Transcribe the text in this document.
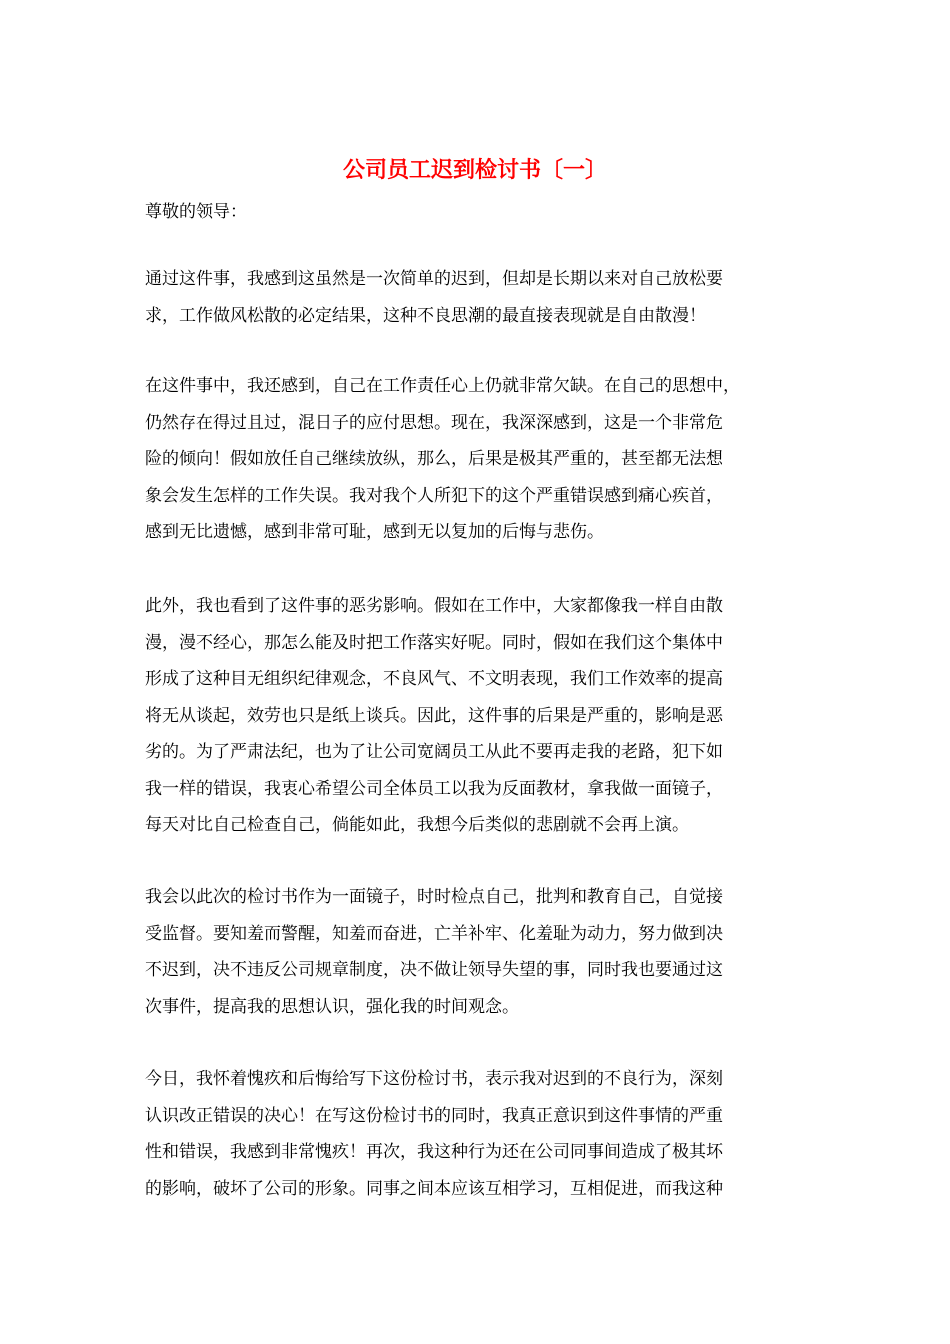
公司员工迟到检讨书〔一〕
尊敬的领导：
通过这件事，我感到这虽然是一次简单的迟到，但却是长期以来对自己放松要
求，工作做风松散的必定结果，这种不良思潮的最直接表现就是自由散漫！
在这件事中，我还感到，自己在工作责任心上仍就非常欠缺。在自己的思想中，
仍然存在得过且过，混日子的应付思想。现在，我深深感到，这是一个非常危
险的倾向！假如放任自己继续放纵，那么，后果是极其严重的，甚至都无法想
象会发生怎样的工作失误。我对我个人所犯下的这个严重错误感到痛心疾首，
感到无比遗憾，感到非常可耻，感到无以复加的后悔与悲伤。
此外，我也看到了这件事的恶劣影响。假如在工作中，大家都像我一样自由散
漫，漫不经心，那怎么能及时把工作落实好呢。同时，假如在我们这个集体中
形成了这种目无组织纪律观念，不良风气、不文明表现，我们工作效率的提高
将无从谈起，效劳也只是纸上谈兵。因此，这件事的后果是严重的，影响是恶
劣的。为了严肃法纪，也为了让公司宽阔员工从此不要再走我的老路，犯下如
我一样的错误，我衷心希望公司全体员工以我为反面教材，拿我做一面镜子，
每天对比自己检查自己，倘能如此，我想今后类似的悲剧就不会再上演。
我会以此次的检讨书作为一面镜子，时时检点自己，批判和教育自己，自觉接
受监督。要知羞而警醒，知羞而奋进，亡羊补牢、化羞耻为动力，努力做到决
不迟到，决不违反公司规章制度，决不做让领导失望的事，同时我也要通过这
次事件，提高我的思想认识，强化我的时间观念。
今日，我怀着愧疚和后悔给写下这份检讨书，表示我对迟到的不良行为，深刻
认识改正错误的决心！在写这份检讨书的同时，我真正意识到这件事情的严重
性和错误，我感到非常愧疚！再次，我这种行为还在公司同事间造成了极其坏
的影响，破坏了公司的形象。同事之间本应该互相学习，互相促进，而我这种
